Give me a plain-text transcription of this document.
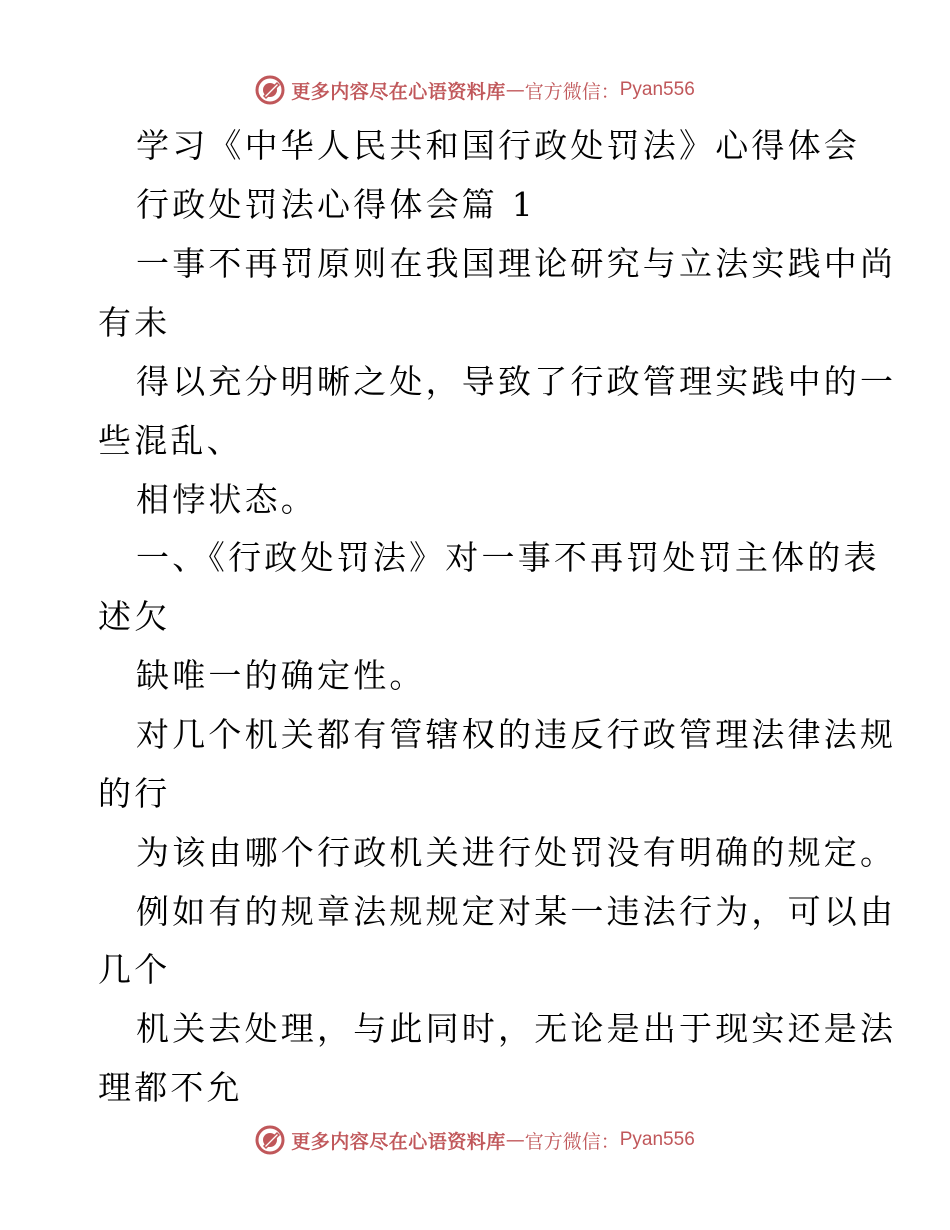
更多内容尽在心语资料库 — 官方微信： Pyan556
学习《中华人民共和国行政处罚法》心得体会
行政处罚法心得体会篇 1
一事不再罚原则在我国理论研究与立法实践中尚
有未
得以充分明晰之处，导致了行政管理实践中的一
些混乱、
相悖状态。
一、《行政处罚法》对一事不再罚处罚主体的表
述欠
缺唯一的确定性。
对几个机关都有管辖权的违反行政管理法律法规
的行
为该由哪个行政机关进行处罚没有明确的规定。
例如有的规章法规规定对某一违法行为，可以由
几个
机关去处理，与此同时，无论是出于现实还是法
理都不允
更多内容尽在心语资料库 — 官方微信： Pyan556
